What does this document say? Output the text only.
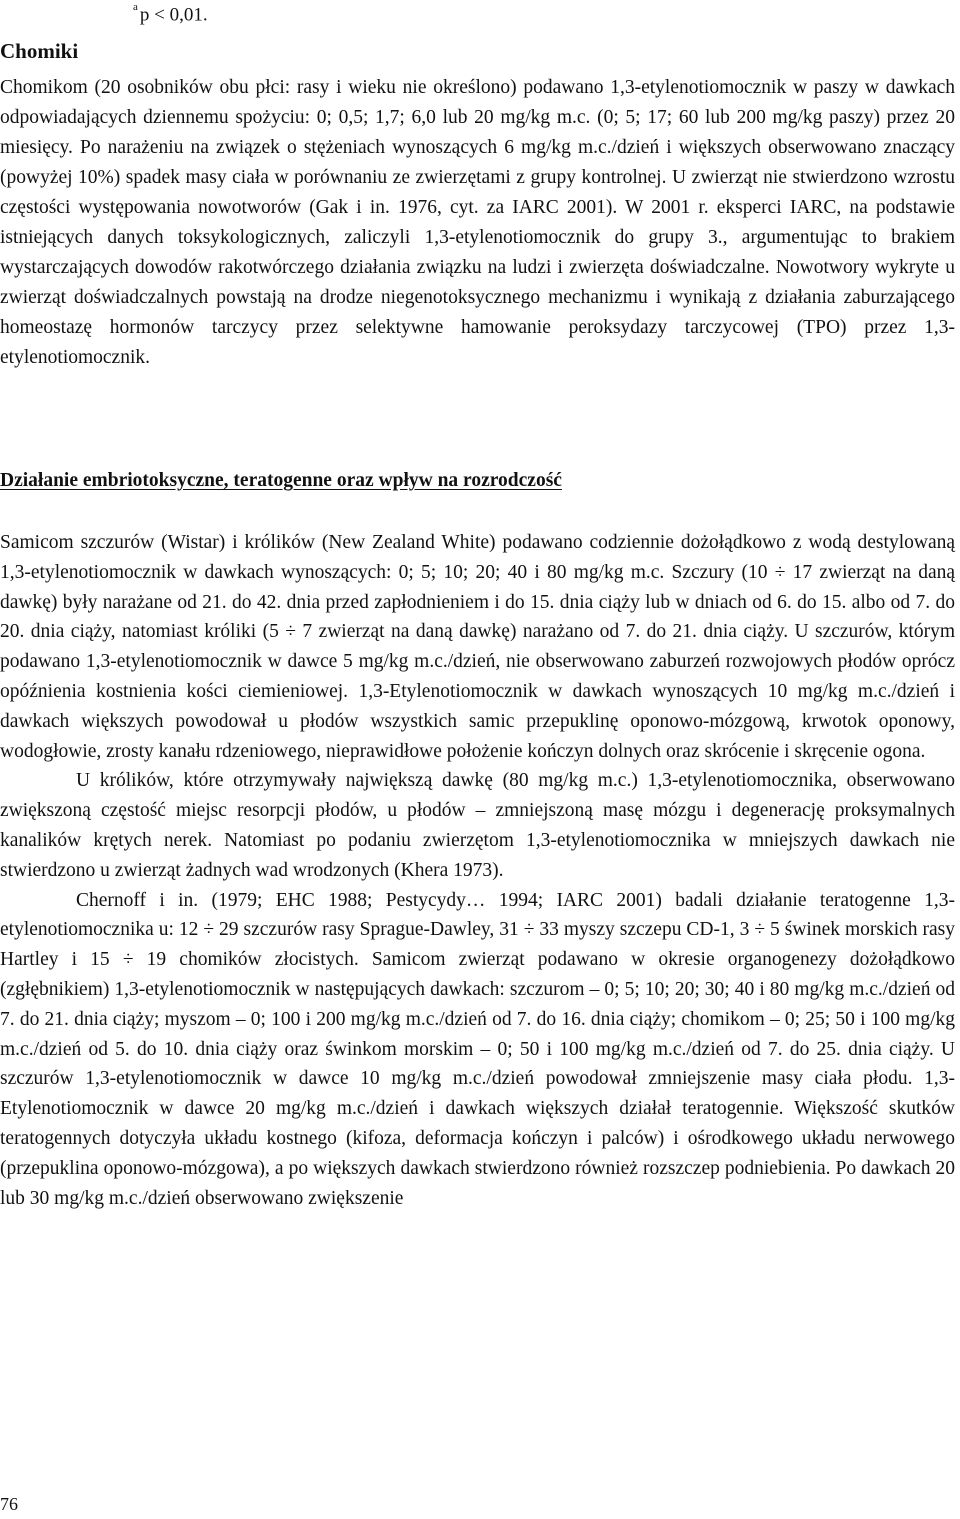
$^a$ p < 0,01.
Chomiki

Chomikom (20 osobników obu płci: rasy i wieku nie określono) podawano 1,3-etylenotiomocznik w paszy w dawkach odpowiadających dziennemu spożyciu: 0; 0,5; 1,7; 6,0 lub 20 mg/kg m.c. (0; 5; 17; 60 lub 200 mg/kg paszy) przez 20 miesięcy. Po narażeniu na związek o stężeniach wynoszących 6 mg/kg m.c./dzień i większych obserwowano znaczący (powyżej 10%) spadek masy ciała w porównaniu ze zwierzętami z grupy kontrolnej. U zwierząt nie stwierdzono wzrostu częstości występowania nowotworów (Gak i in. 1976, cyt. za IARC 2001). W 2001 r. eksperci IARC, na podstawie istniejących danych toksykologicznych, zaliczyli 1,3-etylenotiomocznik do grupy 3., argumentując to brakiem wystarczających dowodów rakotwórczego działania związku na ludzi i zwierzęta doświadczalne. Nowotwory wykryte u zwierząt doświadczalnych powstają na drodze niegenotoksycznego mechanizmu i wynikają z działania zaburzającego homeostazę hormonów tarczycy przez selektywne hamowanie peroksydazy tarczycowej (TPO) przez 1,3-etylenotiomocznik.

Działanie embriotoksyczne, teratogenne oraz wpływ na rozrodczość

Samicom szczurów (Wistar) i królików (New Zealand White) podawano codziennie dożołądkowo z wodą destylowaną 1,3-etylenotiomocznik w dawkach wynoszących: 0; 5; 10; 20; 40 i 80 mg/kg m.c. Szczury (10 ÷ 17 zwierząt na daną dawkę) były narażane od 21. do 42. dnia przed zapłodnieniem i do 15. dnia ciąży lub w dniach od 6. do 15. albo od 7. do 20. dnia ciąży, natomiast króliki (5 ÷ 7 zwierząt na daną dawkę) narażano od 7. do 21. dnia ciąży. U szczurów, którym podawano 1,3-etylenotiomocznik w dawce 5 mg/kg m.c./dzień, nie obserwowano zaburzeń rozwojowych płodów oprócz opóźnienia kostnienia kości ciemieniowej. 1,3-Etylenotiomocznik w dawkach wynoszących 10 mg/kg m.c./dzień i dawkach większych powodował u płodów wszystkich samic przepuklinę oponowo-mózgową, krwotok oponowy, wodogłowie, zrosty kanału rdzeniowego, nieprawidłowe położenie kończyn dolnych oraz skrócenie i skręcenie ogona.

U królików, które otrzymywały największą dawkę (80 mg/kg m.c.) 1,3-etylenotiomocznika, obserwowano zwiększoną częstość miejsc resorpcji płodów, u płodów – zmniejszoną masę mózgu i degenerację proksymalnych kanalików krętych nerek. Natomiast po podaniu zwierzętom 1,3-etylenotiomocznika w mniejszych dawkach nie stwierdzono u zwierząt żadnych wad wrodzonych (Khera 1973).

Chernoff i in. (1979; EHC 1988; Pestycydy… 1994; IARC 2001) badali działanie teratogenne 1,3-etylenotiomocznika u: 12 ÷ 29 szczurów rasy Sprague-Dawley, 31 ÷ 33 myszy szczepu CD-1, 3 ÷ 5 świnek morskich rasy Hartley i 15 ÷ 19 chomików złocistych. Samicom zwierząt podawano w okresie organogenezy dożołądkowo (zgłębnikiem) 1,3-etylenotiomocznik w następujących dawkach: szczurom – 0; 5; 10; 20; 30; 40 i 80 mg/kg m.c./dzień od 7. do 21. dnia ciąży; myszom – 0; 100 i 200 mg/kg m.c./dzień od 7. do 16. dnia ciąży; chomikom – 0; 25; 50 i 100 mg/kg m.c./dzień od 5. do 10. dnia ciąży oraz świnkom morskim – 0; 50 i 100 mg/kg m.c./dzień od 7. do 25. dnia ciąży. U szczurów 1,3-etylenotiomocznik w dawce 10 mg/kg m.c./dzień powodował zmniejszenie masy ciała płodu. 1,3-Etylenotiomocznik w dawce 20 mg/kg m.c./dzień i dawkach większych działał teratogennie. Większość skutków teratogennych dotyczyła układu kostnego (kifoza, deformacja kończyn i palców) i ośrodkowego układu nerwowego (przepuklina oponowo-mózgowa), a po większych dawkach stwierdzono również rozszczep podniebienia. Po dawkach 20 lub 30 mg/kg m.c./dzień obserwowano zwiększenie

76
